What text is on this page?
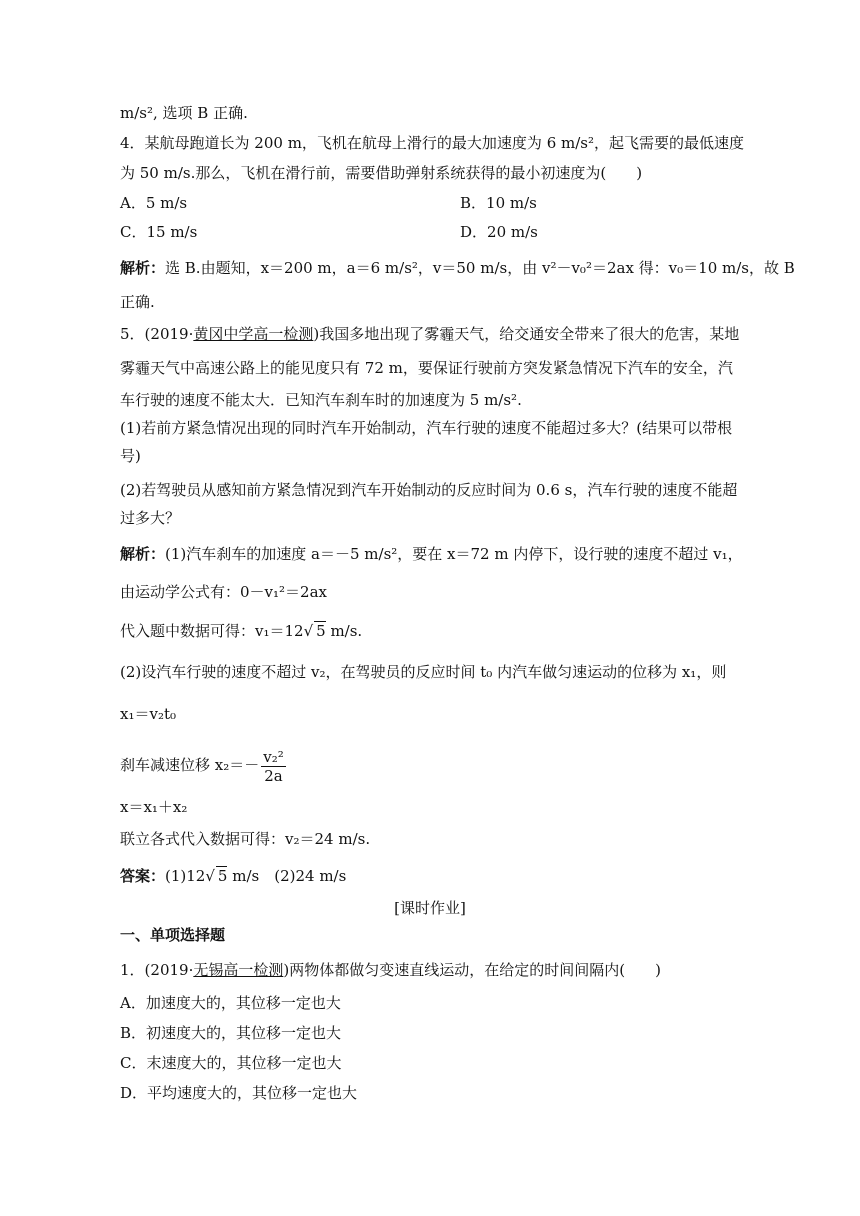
m/s², 选项 B 正确.
4．某航母跑道长为 200 m，飞机在航母上滑行的最大加速度为 6 m/s²，起飞需要的最低速度
为 50 m/s.那么，飞机在滑行前，需要借助弹射系统获得的最小初速度为(　　)
A．5 m/s	B．10 m/s
C．15 m/s	D．20 m/s
解析：选 B.由题知，x＝200 m，a＝6 m/s²，v＝50 m/s，由 v²－v₀²＝2ax 得：v₀＝10 m/s，故 B
正确.
5．(2019·黄冈中学高一检测)我国多地出现了雾霾天气，给交通安全带来了很大的危害，某地
雾霾天气中高速公路上的能见度只有 72 m，要保证行驶前方突发紧急情况下汽车的安全，汽
车行驶的速度不能太大．已知汽车刹车时的加速度为 5 m/s².
(1)若前方紧急情况出现的同时汽车开始制动，汽车行驶的速度不能超过多大？(结果可以带根
号)
(2)若驾驶员从感知前方紧急情况到汽车开始制动的反应时间为 0.6 s，汽车行驶的速度不能超
过多大？
解析：(1)汽车刹车的加速度 a＝－5 m/s²，要在 x＝72 m 内停下，设行驶的速度不超过 v₁，
由运动学公式有：0－v₁²＝2ax
代入题中数据可得：v₁＝12√ 5 m/s.
(2)设汽车行驶的速度不超过 v₂，在驾驶员的反应时间 t₀ 内汽车做匀速运动的位移为 x₁，则
x₁＝v₂t₀
刹车减速位移 $x_2=- \frac{\text{v₂²}}{2a}$
x＝x₁＋x₂
联立各式代入数据可得：v₂＝24 m/s.
答案：(1)12√ 5 m/s　(2)24 m/s
[课时作业]
一、单项选择题
1．(2019·无锡高一检测)两物体都做匀变速直线运动，在给定的时间间隔内(　　)
A．加速度大的，其位移一定也大
B．初速度大的，其位移一定也大
C．末速度大的，其位移一定也大
D．平均速度大的，其位移一定也大
